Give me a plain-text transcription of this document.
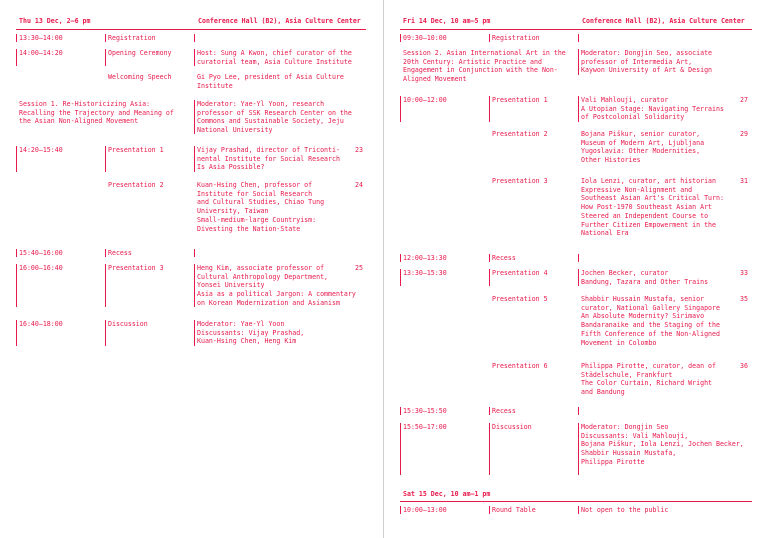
Thu 13 Dec, 2–6 pm	Conference Hall (B2), Asia Culture Center
13:30–14:00	Registration
14:00–14:20	Opening Ceremony	Host: Sung A Kwon, chief curator of the
curatorial team, Asia Culture Institute
Welcoming Speech	Gi Pyo Lee, president of Asia Culture
Institute
Session 1. Re-Historicizing Asia:
Recalling the Trajectory and Meaning of
the Asian Non-Aligned Movement
Moderator: Yae-Yl Yoon, research
professor of SSK Research Center on the
Commons and Sustainable Society, Jeju
National University
14:20–15:40	Presentation 1	Vijay Prashad, director of Triconti-
nental Institute for Social Research
Is Asia Possible?
23
Presentation 2	Kuan-Hsing Chen, professor of
Institute for Social Research
and Cultural Studies, Chiao Tung
University, Taiwan
Small-medium-large Countryism:
Divesting the Nation-State
24
15:40–16:00	Recess
16:00–16:40	Presentation 3	Heng Kim, associate professor of
Cultural Anthropology Department,
Yonsei University
Asia as a political Jargon: A commentary
on Korean Modernization and Asianism
25
16:40–18:00	Discussion	Moderator: Yae-Yl Yoon
Discussants: Vijay Prashad,
Kuan-Hsing Chen, Heng Kim
Fri 14 Dec, 10 am–5 pm	Conference Hall (B2), Asia Culture Center
09:30–10:00	Registration
Session 2. Asian International Art in the
20th Century: Artistic Practice and
Engagement in Conjunction with the Non-
Aligned Movement
Moderator: Dongjin Seo, associate
professor of Intermedia Art,
Kaywon University of Art & Design
10:00–12:00	Presentation 1	Vali Mahlouji, curator
A Utopian Stage: Navigating Terrains
of Postcolonial Solidarity
27
Presentation 2	Bojana Piškur, senior curator,
Museum of Modern Art, Ljubljana
Yugoslavia: Other Modernities,
Other Histories
29
Presentation 3	Iola Lenzi, curator, art historian
Expressive Non-Alignment and
Southeast Asian Art's Critical Turn:
How Post-1970 Southeast Asian Art
Steered an Independent Course to
Further Citizen Empowerment in the
National Era
31
12:00–13:30	Recess
13:30–15:30	Presentation 4	Jochen Becker, curator
Bandung, Tazara and Other Trains
33
Presentation 5	Shabbir Hussain Mustafa, senior
curator, National Gallery Singapore
An Absolute Modernity? Sirimavo
Bandaranaike and the Staging of the
Fifth Conference of the Non-Aligned
Movement in Colombo
35
Presentation 6	Philippa Pirotte, curator, dean of
Städelschule, Frankfurt
The Color Curtain, Richard Wright
and Bandung
36
15:30–15:50	Recess
15:50–17:00	Discussion	Moderator: Dongjin Seo
Discussants: Vali Mahlouji,
Bojana Piškur, Iola Lenzi, Jochen Becker,
Shabbir Hussain Mustafa,
Philippa Pirotte
Sat 15 Dec, 10 am–1 pm
10:00–13:00	Round Table	Not open to the public
